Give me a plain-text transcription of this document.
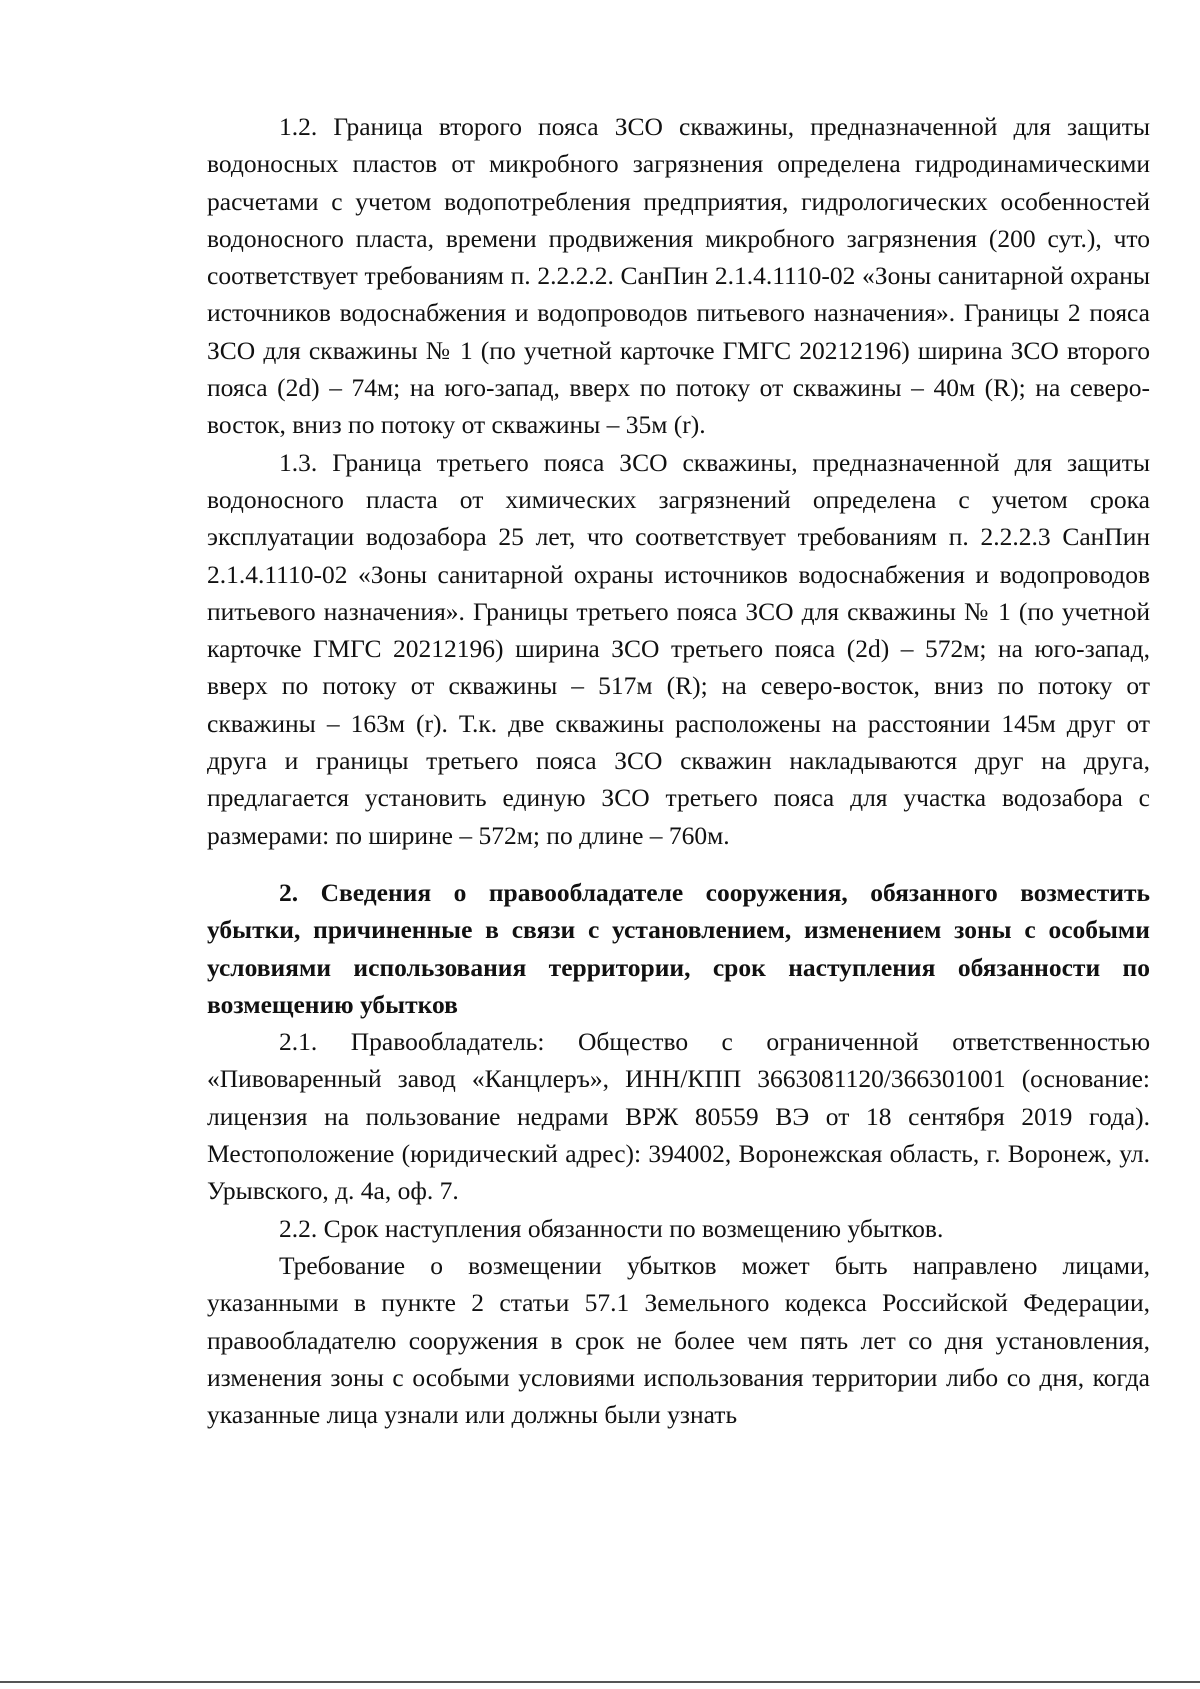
1.2. Граница второго пояса ЗСО скважины, предназначенной для защиты водоносных пластов от микробного загрязнения определена гидродинамическими расчетами с учетом водопотребления предприятия, гидрологических особенностей водоносного пласта, времени продвижения микробного загрязнения (200 сут.), что соответствует требованиям п. 2.2.2.2. СанПин 2.1.4.1110-02 «Зоны санитарной охраны источников водоснабжения и водопроводов питьевого назначения». Границы 2 пояса ЗСО для скважины № 1 (по учетной карточке ГМГС 20212196) ширина ЗСО второго пояса (2d) – 74м; на юго-запад, вверх по потоку от скважины – 40м (R); на северо-восток, вниз по потоку от скважины – 35м (r).

1.3. Граница третьего пояса ЗСО скважины, предназначенной для защиты водоносного пласта от химических загрязнений определена с учетом срока эксплуатации водозабора 25 лет, что соответствует требованиям п. 2.2.2.3 СанПин 2.1.4.1110-02 «Зоны санитарной охраны источников водоснабжения и водопроводов питьевого назначения». Границы третьего пояса ЗСО для скважины № 1 (по учетной карточке ГМГС 20212196) ширина ЗСО третьего пояса (2d) – 572м; на юго-запад, вверх по потоку от скважины – 517м (R); на северо-восток, вниз по потоку от скважины – 163м (r). Т.к. две скважины расположены на расстоянии 145м друг от друга и границы третьего пояса ЗСО скважин накладываются друг на друга, предлагается установить единую ЗСО третьего пояса для участка водозабора с размерами: по ширине – 572м; по длине – 760м.

2. Сведения о правообладателе сооружения, обязанного возместить убытки, причиненные в связи с установлением, изменением зоны с особыми условиями использования территории, срок наступления обязанности по возмещению убытков

2.1. Правообладатель: Общество с ограниченной ответственностью «Пивоваренный завод «Канцлеръ», ИНН/КПП 3663081120/366301001 (основание: лицензия на пользование недрами ВРЖ 80559 ВЭ от 18 сентября 2019 года). Местоположение (юридический адрес): 394002, Воронежская область, г. Воронеж, ул. Урывского, д. 4а, оф. 7.

2.2. Срок наступления обязанности по возмещению убытков.

Требование о возмещении убытков может быть направлено лицами, указанными в пункте 2 статьи 57.1 Земельного кодекса Российской Федерации, правообладателю сооружения в срок не более чем пять лет со дня установления, изменения зоны с особыми условиями использования территории либо со дня, когда указанные лица узнали или должны были узнать
